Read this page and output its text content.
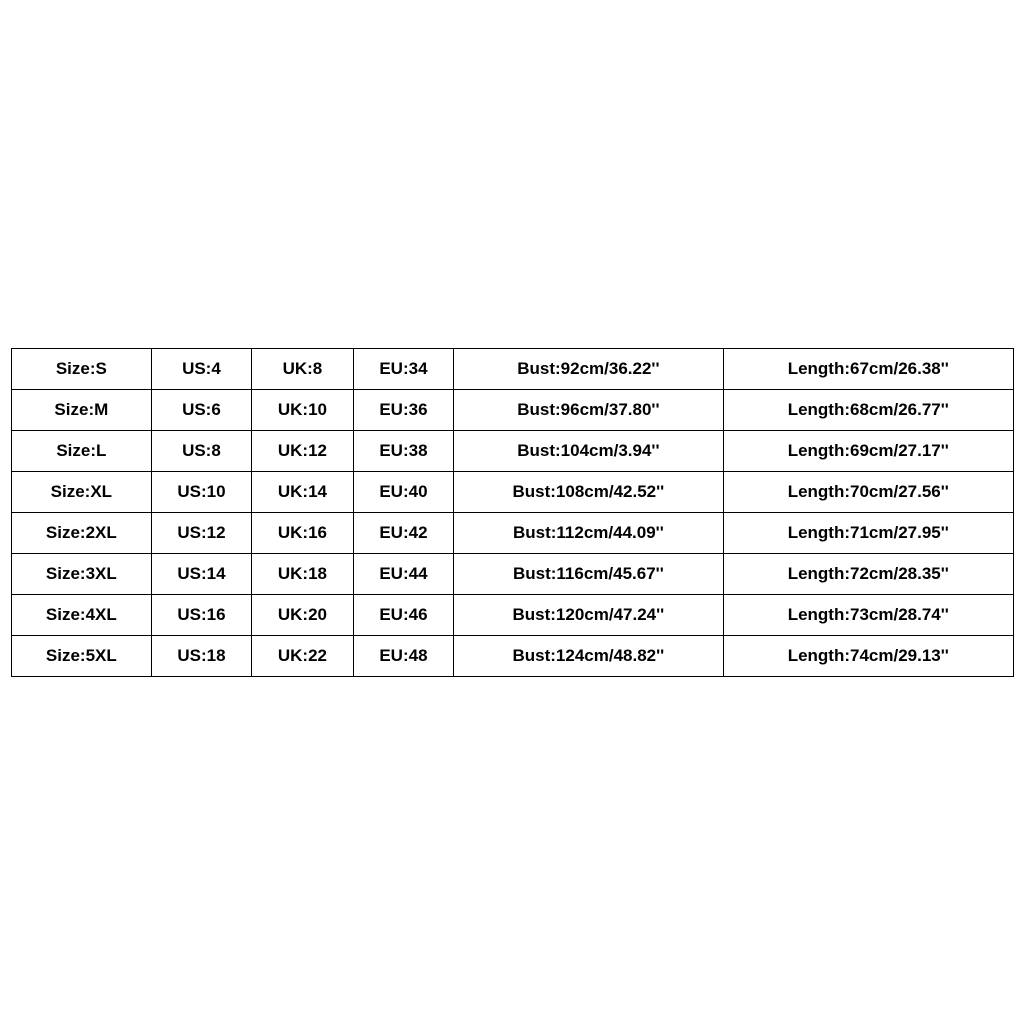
Size:S	US:4	UK:8	EU:34	Bust:92cm/36.22''	Length:67cm/26.38''
Size:M	US:6	UK:10	EU:36	Bust:96cm/37.80''	Length:68cm/26.77''
Size:L	US:8	UK:12	EU:38	Bust:104cm/3.94''	Length:69cm/27.17''
Size:XL	US:10	UK:14	EU:40	Bust:108cm/42.52''	Length:70cm/27.56''
Size:2XL	US:12	UK:16	EU:42	Bust:112cm/44.09''	Length:71cm/27.95''
Size:3XL	US:14	UK:18	EU:44	Bust:116cm/45.67''	Length:72cm/28.35''
Size:4XL	US:16	UK:20	EU:46	Bust:120cm/47.24''	Length:73cm/28.74''
Size:5XL	US:18	UK:22	EU:48	Bust:124cm/48.82''	Length:74cm/29.13''
